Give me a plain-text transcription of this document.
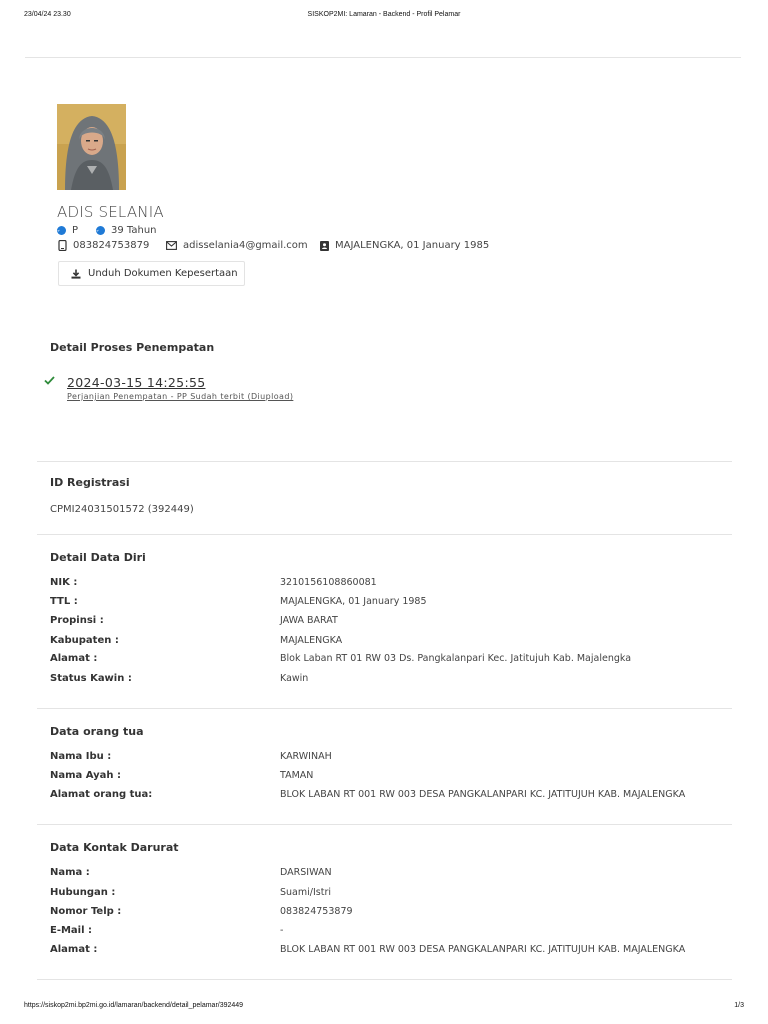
23/04/24 23.30	SISKOP2MI: Lamaran - Backend - Profil Pelamar
ADIS SELANIA
P	39 Tahun
083824753879	adisselania4@gmail.com	MAJALENGKA, 01 January 1985
Unduh Dokumen Kepesertaan
Detail Proses Penempatan
2024-03-15 14:25:55
Perjanjian Penempatan - PP Sudah terbit (Diupload)
ID Registrasi
CPMI24031501572 (392449)
Detail Data Diri
NIK :	3210156108860081
TTL :	MAJALENGKA, 01 January 1985
Propinsi :	JAWA BARAT
Kabupaten :	MAJALENGKA
Alamat :	Blok Laban RT 01 RW 03 Ds. Pangkalanpari Kec. Jatitujuh Kab. Majalengka
Status Kawin :	Kawin
Data orang tua
Nama Ibu :	KARWINAH
Nama Ayah :	TAMAN
Alamat orang tua:	BLOK LABAN RT 001 RW 003 DESA PANGKALANPARI KC. JATITUJUH KAB. MAJALENGKA
Data Kontak Darurat
Nama :	DARSIWAN
Hubungan :	Suami/Istri
Nomor Telp :	083824753879
E-Mail :	-
Alamat :	BLOK LABAN RT 001 RW 003 DESA PANGKALANPARI KC. JATITUJUH KAB. MAJALENGKA
https://siskop2mi.bp2mi.go.id/lamaran/backend/detail_pelamar/392449	1/3
